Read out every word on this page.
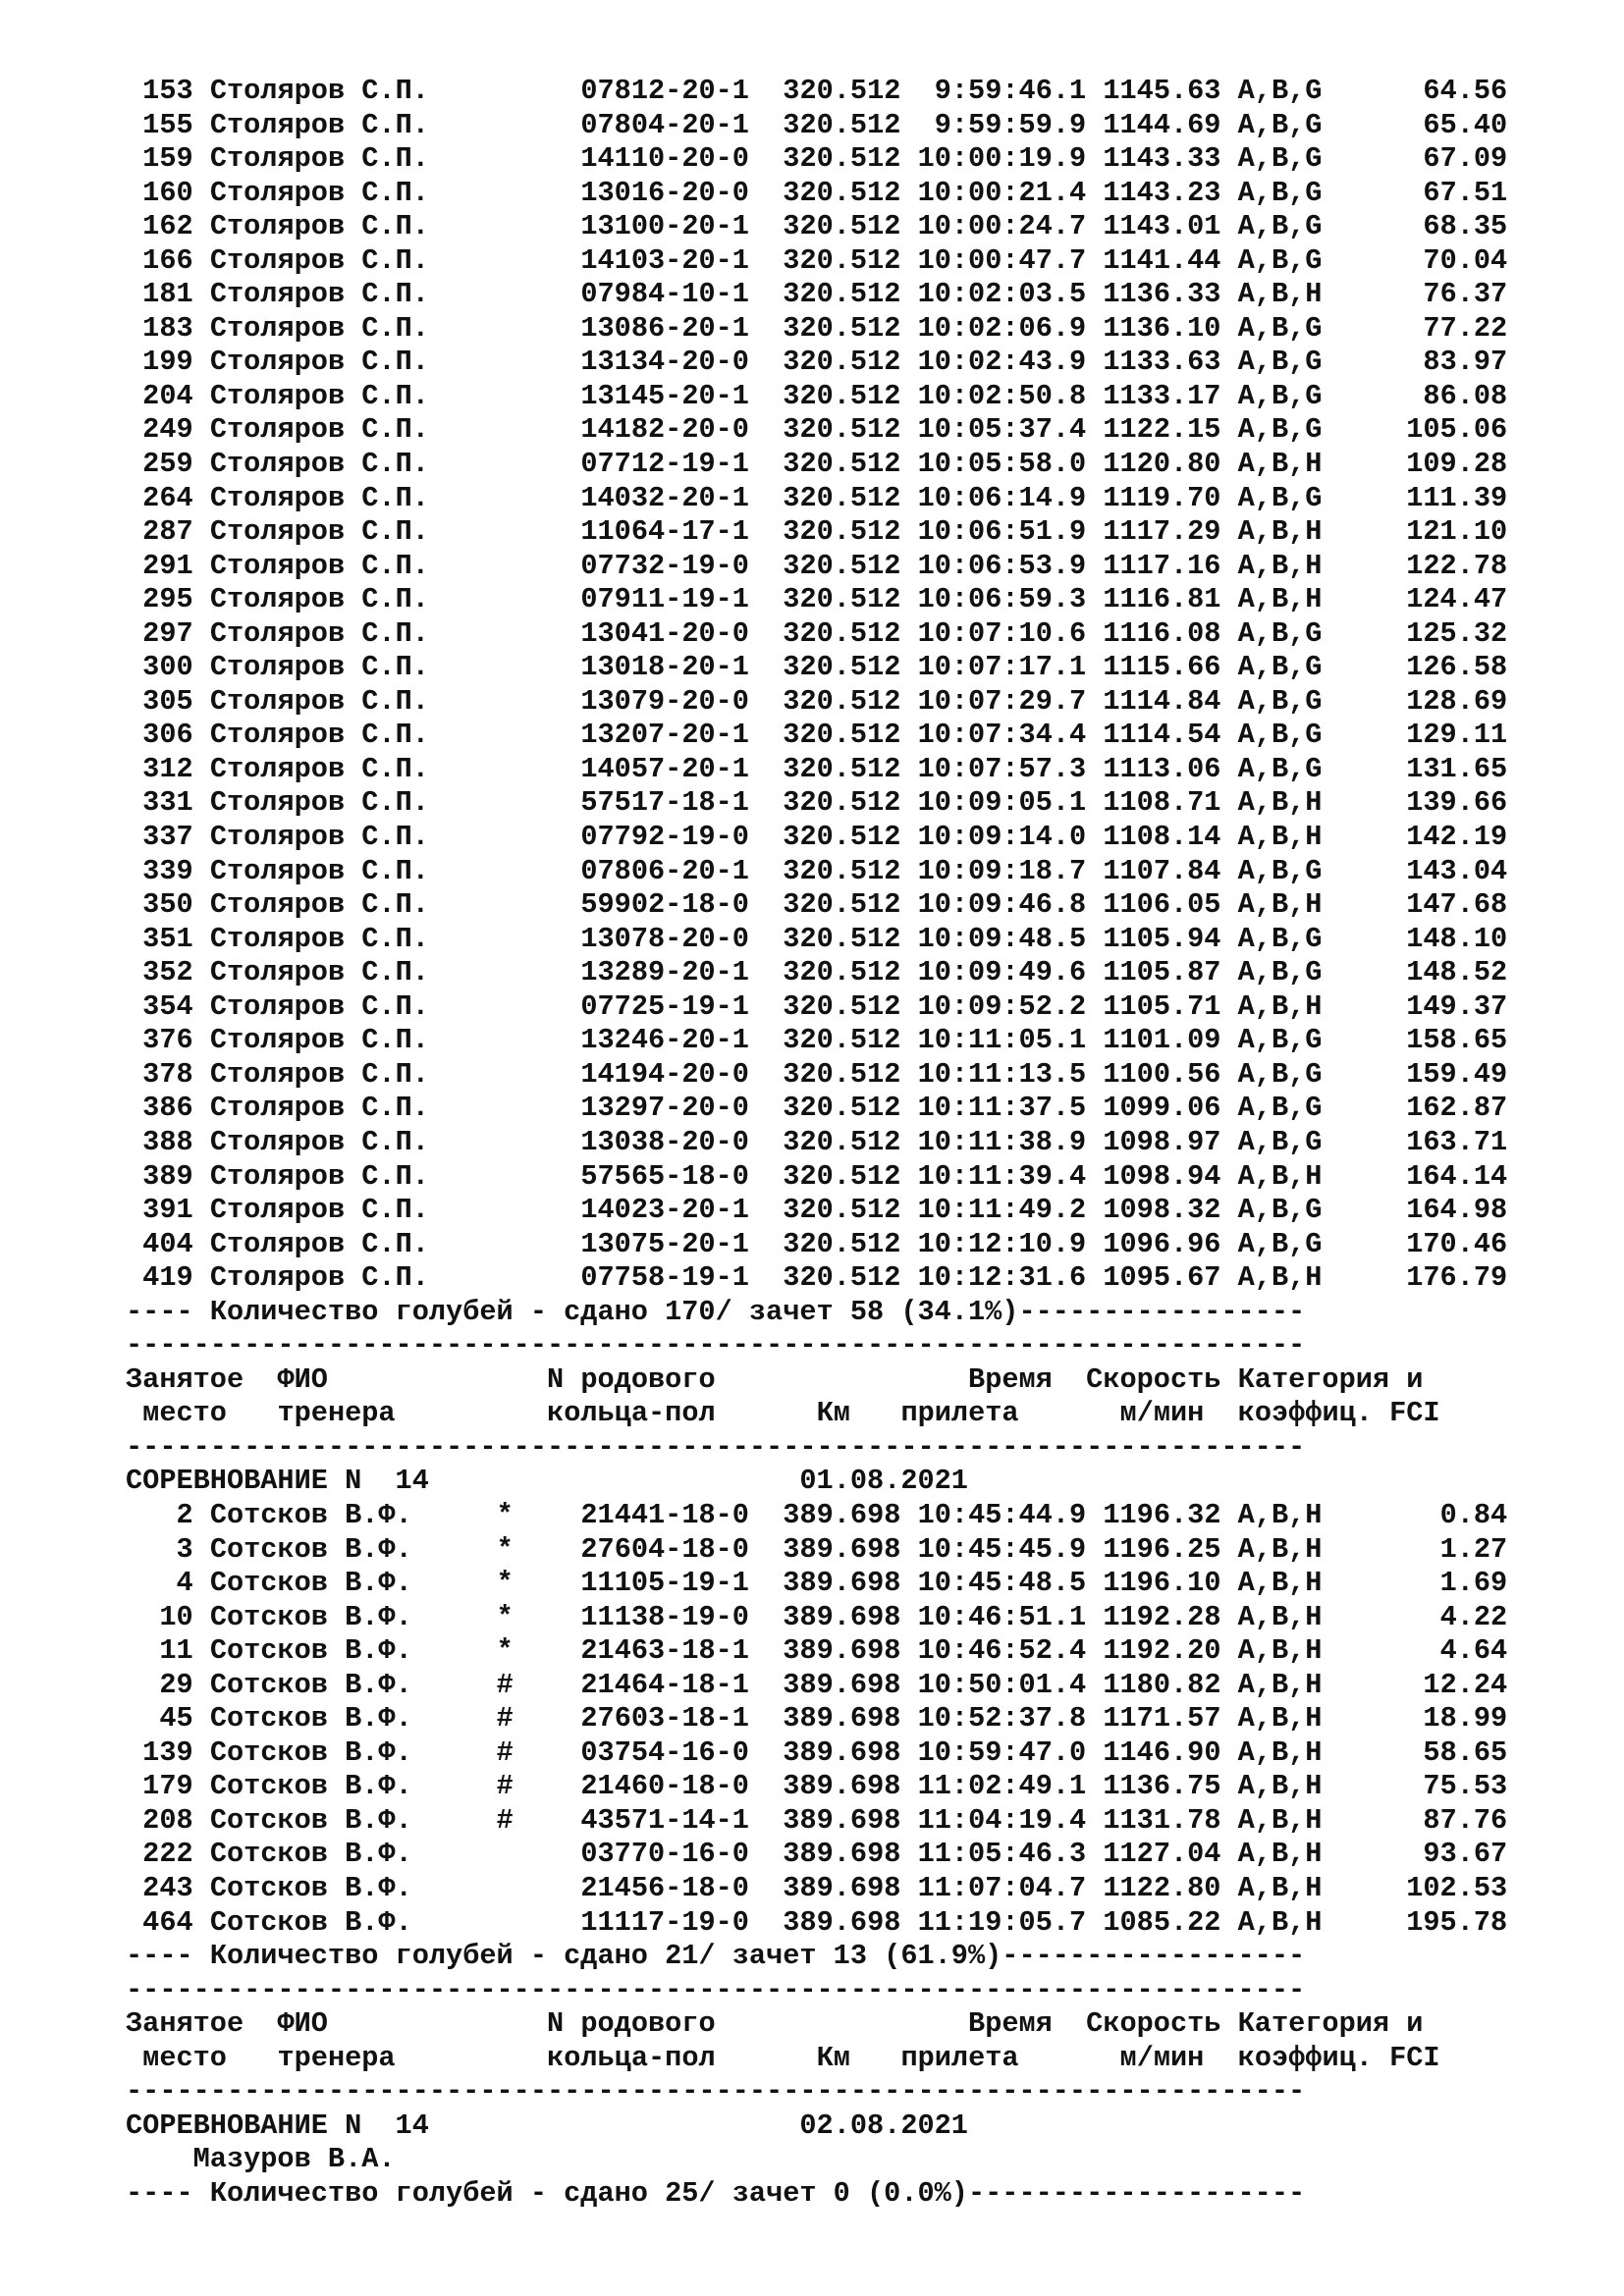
153 Столяров С.П.	07812-20-1 320.512 9:59:46.1 1145.63 A,B,G	64.56
155 Столяров С.П.	07804-20-1 320.512 9:59:59.9 1144.69 A,B,G	65.40
159 Столяров С.П.	14110-20-0 320.512 10:00:19.9 1143.33 A,B,G	67.09
160 Столяров С.П.	13016-20-0 320.512 10:00:21.4 1143.23 A,B,G	67.51
162 Столяров С.П.	13100-20-1 320.512 10:00:24.7 1143.01 A,B,G	68.35
166 Столяров С.П.	14103-20-1 320.512 10:00:47.7 1141.44 A,B,G	70.04
181 Столяров С.П.	07984-10-1 320.512 10:02:03.5 1136.33 A,B,H	76.37
183 Столяров С.П.	13086-20-1 320.512 10:02:06.9 1136.10 A,B,G	77.22
199 Столяров С.П.	13134-20-0 320.512 10:02:43.9 1133.63 A,B,G	83.97
204 Столяров С.П.	13145-20-1 320.512 10:02:50.8 1133.17 A,B,G	86.08
249 Столяров С.П.	14182-20-0 320.512 10:05:37.4 1122.15 A,B,G	105.06
259 Столяров С.П.	07712-19-1 320.512 10:05:58.0 1120.80 A,B,H	109.28
264 Столяров С.П.	14032-20-1 320.512 10:06:14.9 1119.70 A,B,G	111.39
287 Столяров С.П.	11064-17-1 320.512 10:06:51.9 1117.29 A,B,H	121.10
291 Столяров С.П.	07732-19-0 320.512 10:06:53.9 1117.16 A,B,H	122.78
295 Столяров С.П.	07911-19-1 320.512 10:06:59.3 1116.81 A,B,H	124.47
297 Столяров С.П.	13041-20-0 320.512 10:07:10.6 1116.08 A,B,G	125.32
300 Столяров С.П.	13018-20-1 320.512 10:07:17.1 1115.66 A,B,G	126.58
305 Столяров С.П.	13079-20-0 320.512 10:07:29.7 1114.84 A,B,G	128.69
306 Столяров С.П.	13207-20-1 320.512 10:07:34.4 1114.54 A,B,G	129.11
312 Столяров С.П.	14057-20-1 320.512 10:07:57.3 1113.06 A,B,G	131.65
331 Столяров С.П.	57517-18-1 320.512 10:09:05.1 1108.71 A,B,H	139.66
337 Столяров С.П.	07792-19-0 320.512 10:09:14.0 1108.14 A,B,H	142.19
339 Столяров С.П.	07806-20-1 320.512 10:09:18.7 1107.84 A,B,G	143.04
350 Столяров С.П.	59902-18-0 320.512 10:09:46.8 1106.05 A,B,H	147.68
351 Столяров С.П.	13078-20-0 320.512 10:09:48.5 1105.94 A,B,G	148.10
352 Столяров С.П.	13289-20-1 320.512 10:09:49.6 1105.87 A,B,G	148.52
354 Столяров С.П.	07725-19-1 320.512 10:09:52.2 1105.71 A,B,H	149.37
376 Столяров С.П.	13246-20-1 320.512 10:11:05.1 1101.09 A,B,G	158.65
378 Столяров С.П.	14194-20-0 320.512 10:11:13.5 1100.56 A,B,G	159.49
386 Столяров С.П.	13297-20-0 320.512 10:11:37.5 1099.06 A,B,G	162.87
388 Столяров С.П.	13038-20-0 320.512 10:11:38.9 1098.97 A,B,G	163.71
389 Столяров С.П.	57565-18-0 320.512 10:11:39.4 1098.94 A,B,H	164.14
391 Столяров С.П.	14023-20-1 320.512 10:11:49.2 1098.32 A,B,G	164.98
404 Столяров С.П.	13075-20-1 320.512 10:12:10.9 1096.96 A,B,G	170.46
419 Столяров С.П.	07758-19-1 320.512 10:12:31.6 1095.67 A,B,H	176.79
---- Количество голубей - сдано 170/ зачет 58 (34.1%)-----------------
----------------------------------------------------------------------
Занятое ФИО	N родового	Время Скорость Категория и
место тренера	кольца-пол	Км прилета	м/мин коэффиц. FCI
----------------------------------------------------------------------
СОРЕВНОВАНИЕ N  14	01.08.2021
2 Сотсков В.Ф.	* 21441-18-0 389.698 10:45:44.9 1196.32 A,B,H	0.84
3 Сотсков В.Ф.	* 27604-18-0 389.698 10:45:45.9 1196.25 A,B,H	1.27
4 Сотсков В.Ф.	* 11105-19-1 389.698 10:45:48.5 1196.10 A,B,H	1.69
10 Сотсков В.Ф.	* 11138-19-0 389.698 10:46:51.1 1192.28 A,B,H	4.22
11 Сотсков В.Ф.	* 21463-18-1 389.698 10:46:52.4 1192.20 A,B,H	4.64
29 Сотсков В.Ф.	# 21464-18-1 389.698 10:50:01.4 1180.82 A,B,H	12.24
45 Сотсков В.Ф.	# 27603-18-1 389.698 10:52:37.8 1171.57 A,B,H	18.99
139 Сотсков В.Ф.	# 03754-16-0 389.698 10:59:47.0 1146.90 A,B,H	58.65
179 Сотсков В.Ф.	# 21460-18-0 389.698 11:02:49.1 1136.75 A,B,H	75.53
208 Сотсков В.Ф.	# 43571-14-1 389.698 11:04:19.4 1131.78 A,B,H	87.76
222 Сотсков В.Ф.	03770-16-0 389.698 11:05:46.3 1127.04 A,B,H	93.67
243 Сотсков В.Ф.	21456-18-0 389.698 11:07:04.7 1122.80 A,B,H	102.53
464 Сотсков В.Ф.	11117-19-0 389.698 11:19:05.7 1085.22 A,B,H	195.78
---- Количество голубей - сдано 21/ зачет 13 (61.9%)------------------
----------------------------------------------------------------------
Занятое ФИО	N родового	Время Скорость Категория и
место тренера	кольца-пол	Км прилета	м/мин коэффиц. FCI
----------------------------------------------------------------------
СОРЕВНОВАНИЕ N  14	02.08.2021
Мазуров В.А.
---- Количество голубей - сдано 25/ зачет 0 (0.0%)--------------------
